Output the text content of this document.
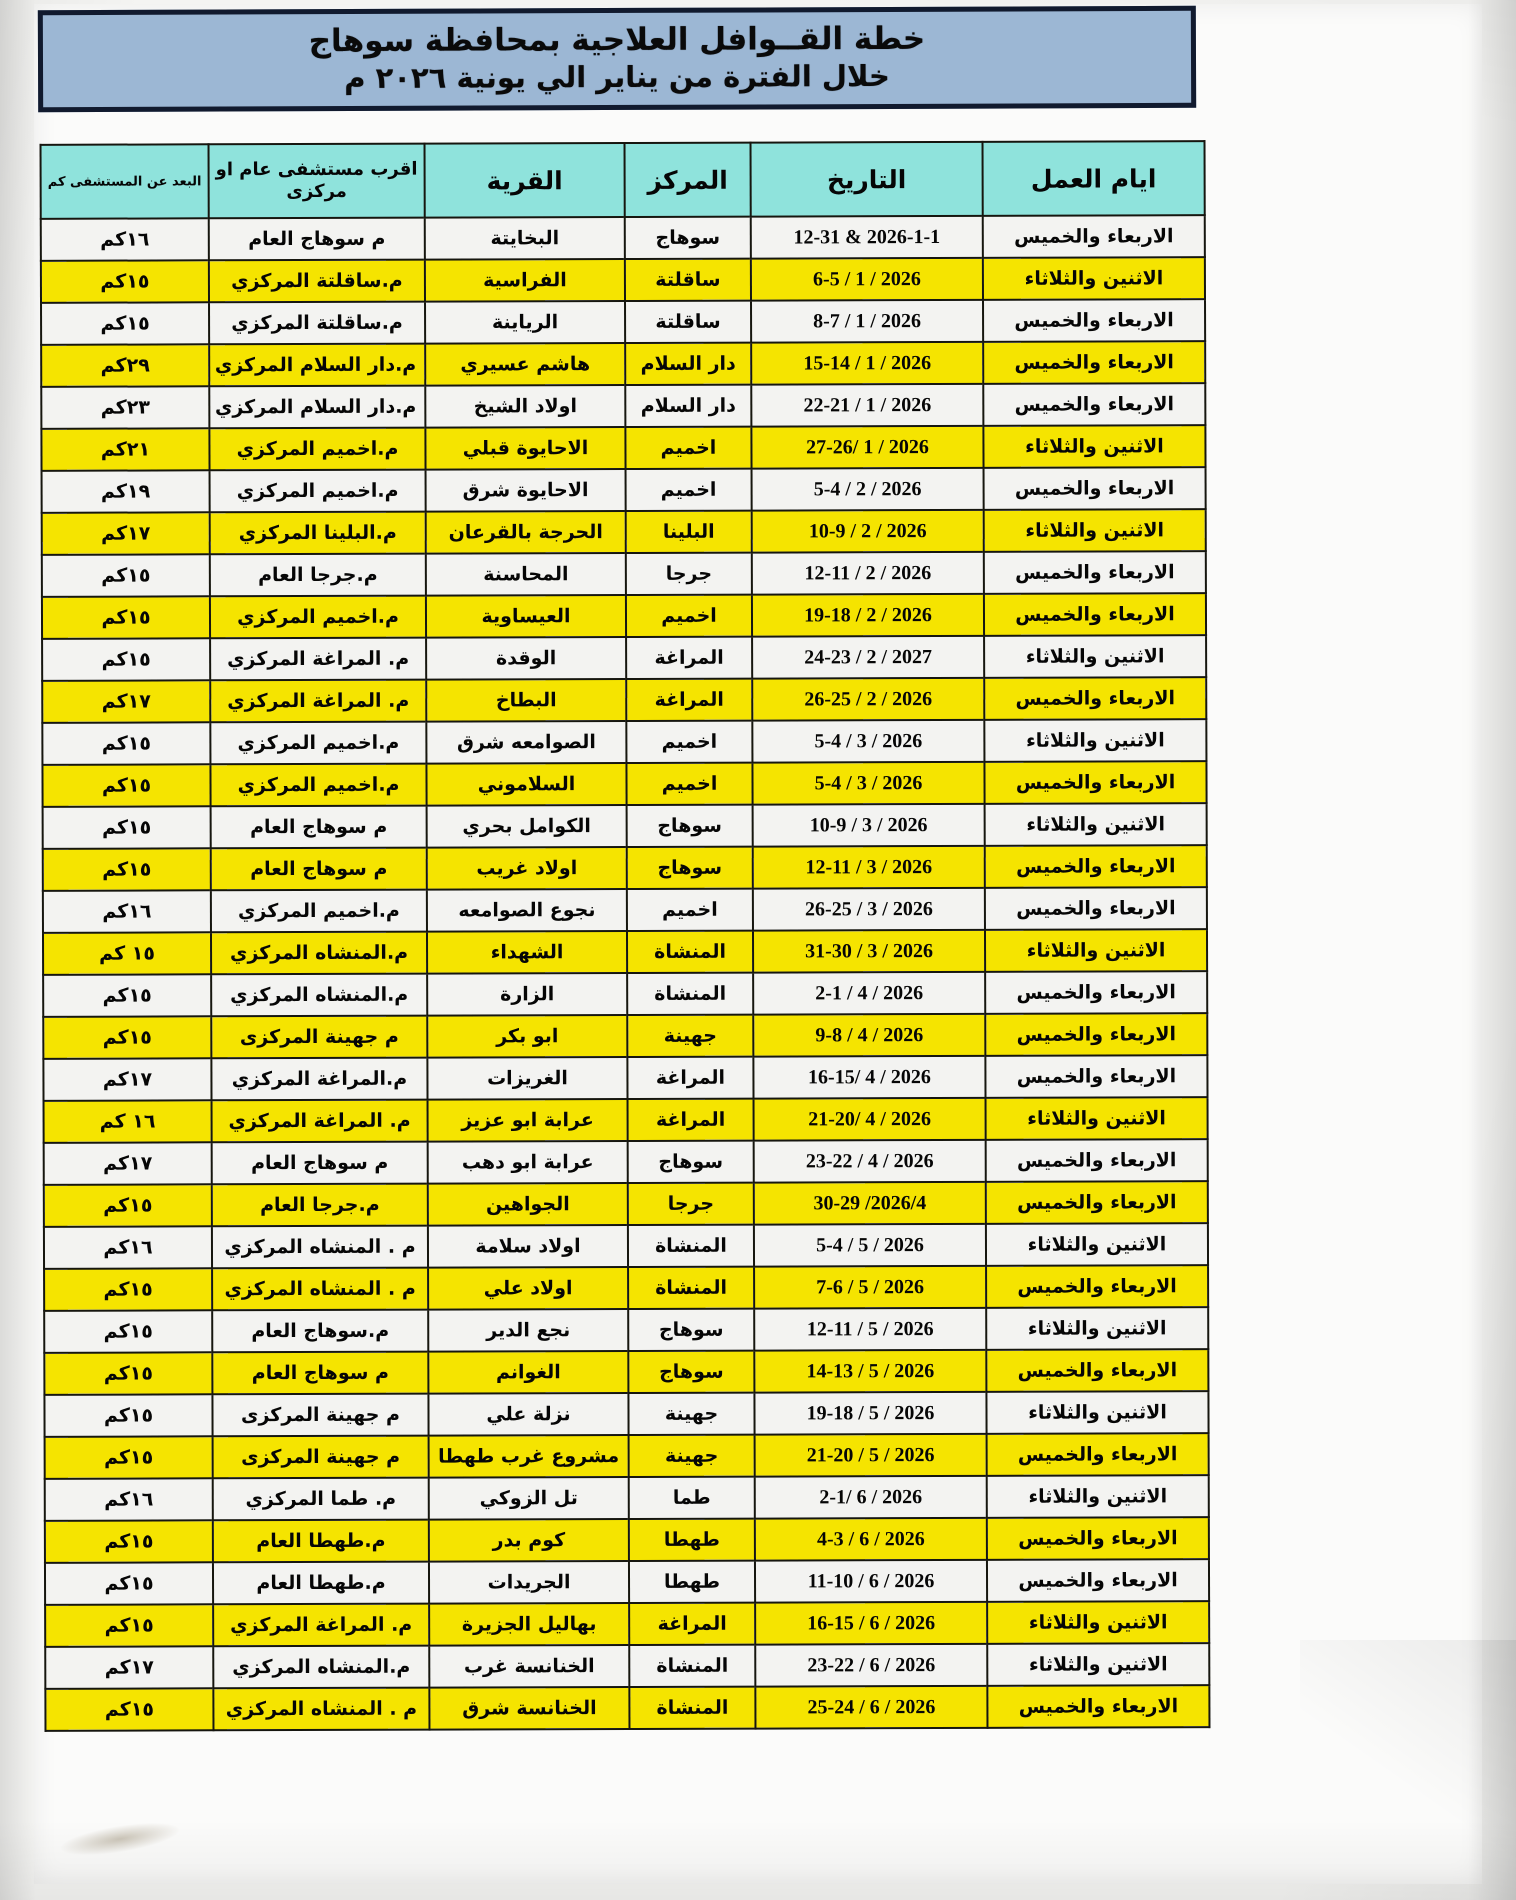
خطة القــوافل العلاجية بمحافظة سوهاج
خلال الفترة من يناير الي يونية ٢٠٢٦ م
ايام العمل	التاريخ	المركز	القرية	اقرب مستشفى عام او مركزى	البعد عن المستشفى كم
الاربعاء والخميس	2026-1-1 & 12-31	سوهاج	البخايتة	م سوهاج العام	١٦كم
الاثنين والثلاثاء	2026 / 1 / 6-5	ساقلتة	الفراسية	م.ساقلتة المركزي	١٥كم
الاربعاء والخميس	2026 / 1 / 8-7	ساقلتة	الرياينة	م.ساقلتة المركزي	١٥كم
الاربعاء والخميس	2026 / 1 / 15-14	دار السلام	هاشم عسيري	م.دار السلام المركزي	٢٩كم
الاربعاء والخميس	2026 / 1 / 22-21	دار السلام	اولاد الشيخ	م.دار السلام المركزي	٢٣كم
الاثنين والثلاثاء	2026 / 1 /27-26	اخميم	الاحايوة قبلي	م.اخميم المركزي	٢١كم
الاربعاء والخميس	2026 / 2 / 5-4	اخميم	الاحايوة شرق	م.اخميم المركزي	١٩كم
الاثنين والثلاثاء	2026 / 2 / 10-9	البلينا	الحرجة بالقرعان	م.البلينا المركزي	١٧كم
الاربعاء والخميس	2026 / 2 / 12-11	جرجا	المحاسنة	م.جرجا العام	١٥كم
الاربعاء والخميس	2026 / 2 / 19-18	اخميم	العيساوية	م.اخميم المركزي	١٥كم
الاثنين والثلاثاء	2027 / 2 / 24-23	المراغة	الوقدة	م. المراغة المركزي	١٥كم
الاربعاء والخميس	2026 / 2 / 26-25	المراغة	البطاخ	م. المراغة المركزي	١٧كم
الاثنين والثلاثاء	2026 / 3 / 5-4	اخميم	الصوامعه شرق	م.اخميم المركزي	١٥كم
الاربعاء والخميس	2026 / 3 / 5-4	اخميم	السلاموني	م.اخميم المركزي	١٥كم
الاثنين والثلاثاء	2026 / 3 / 10-9	سوهاج	الكوامل بحري	م سوهاج العام	١٥كم
الاربعاء والخميس	2026 / 3 / 12-11	سوهاج	اولاد غريب	م سوهاج العام	١٥كم
الاربعاء والخميس	2026 / 3 / 26-25	اخميم	نجوع الصوامعه	م.اخميم المركزي	١٦كم
الاثنين والثلاثاء	2026 / 3 / 31-30	المنشاة	الشهداء	م.المنشاه المركزي	١٥ كم
الاربعاء والخميس	2026 / 4 / 2-1	المنشاة	الزارة	م.المنشاه المركزي	١٥كم
الاربعاء والخميس	2026 / 4 / 9-8	جهينة	ابو بكر	م جهينة المركزى	١٥كم
الاربعاء والخميس	2026 / 4 /16-15	المراغة	الغريزات	م.المراغة المركزي	١٧كم
الاثنين والثلاثاء	2026 / 4 /21-20	المراغة	عرابة ابو عزيز	م. المراغة المركزي	١٦ كم
الاربعاء والخميس	2026 / 4 / 23-22	سوهاج	عرابة ابو دهب	م سوهاج العام	١٧كم
الاربعاء والخميس	2026/4/ 30-29	جرجا	الجواهين	م.جرجا العام	١٥كم
الاثنين والثلاثاء	2026 / 5 / 5-4	المنشاة	اولاد سلامة	م . المنشاه المركزي	١٦كم
الاربعاء والخميس	2026 / 5 / 7-6	المنشاة	اولاد علي	م . المنشاه المركزي	١٥كم
الاثنين والثلاثاء	2026 / 5 / 12-11	سوهاج	نجع الدير	م.سوهاج العام	١٥كم
الاربعاء والخميس	2026 / 5 / 14-13	سوهاج	الغوانم	م سوهاج العام	١٥كم
الاثنين والثلاثاء	2026 / 5 / 19-18	جهينة	نزلة علي	م جهينة المركزى	١٥كم
الاربعاء والخميس	2026 / 5 / 21-20	جهينة	مشروع غرب طهطا	م جهينة المركزى	١٥كم
الاثنين والثلاثاء	2026 / 6 /2-1	طما	تل الزوكي	م. طما المركزي	١٦كم
الاربعاء والخميس	2026 / 6 / 4-3	طهطا	كوم بدر	م.طهطا العام	١٥كم
الاربعاء والخميس	2026 / 6 / 11-10	طهطا	الجريدات	م.طهطا العام	١٥كم
الاثنين والثلاثاء	2026 / 6 / 16-15	المراغة	بهاليل الجزيرة	م. المراغة المركزي	١٥كم
الاثنين والثلاثاء	2026 / 6 / 23-22	المنشاة	الخنانسة غرب	م.المنشاه المركزي	١٧كم
الاربعاء والخميس	2026 / 6 / 25-24	المنشاة	الخنانسة شرق	م . المنشاه المركزي	١٥كم
